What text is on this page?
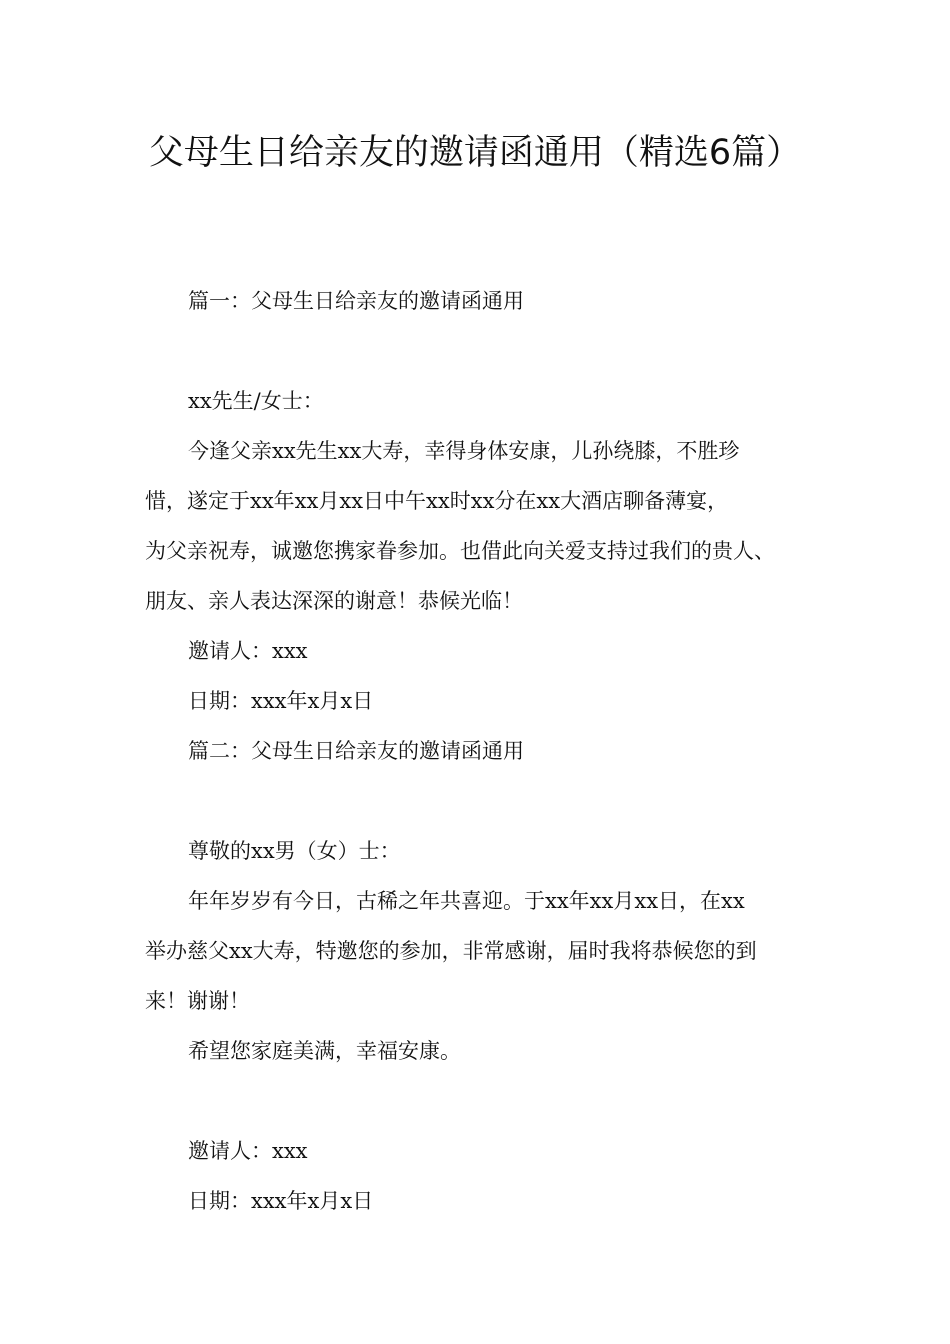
父母生日给亲友的邀请函通用（精选6篇）
篇一：父母生日给亲友的邀请函通用
xx先生/女士：
今逢父亲xx先生xx大寿，幸得身体安康，儿孙绕膝，不胜珍
惜，遂定于xx年xx月xx日中午xx时xx分在xx大酒店聊备薄宴，
为父亲祝寿，诚邀您携家眷参加。也借此向关爱支持过我们的贵人、
朋友、亲人表达深深的谢意！恭候光临！
邀请人：xxx
日期：xxx年x月x日
篇二：父母生日给亲友的邀请函通用
尊敬的xx男（女）士：
年年岁岁有今日，古稀之年共喜迎。于xx年xx月xx日，在xx
举办慈父xx大寿，特邀您的参加，非常感谢，届时我将恭候您的到
来！谢谢！
希望您家庭美满，幸福安康。
邀请人：xxx
日期：xxx年x月x日
